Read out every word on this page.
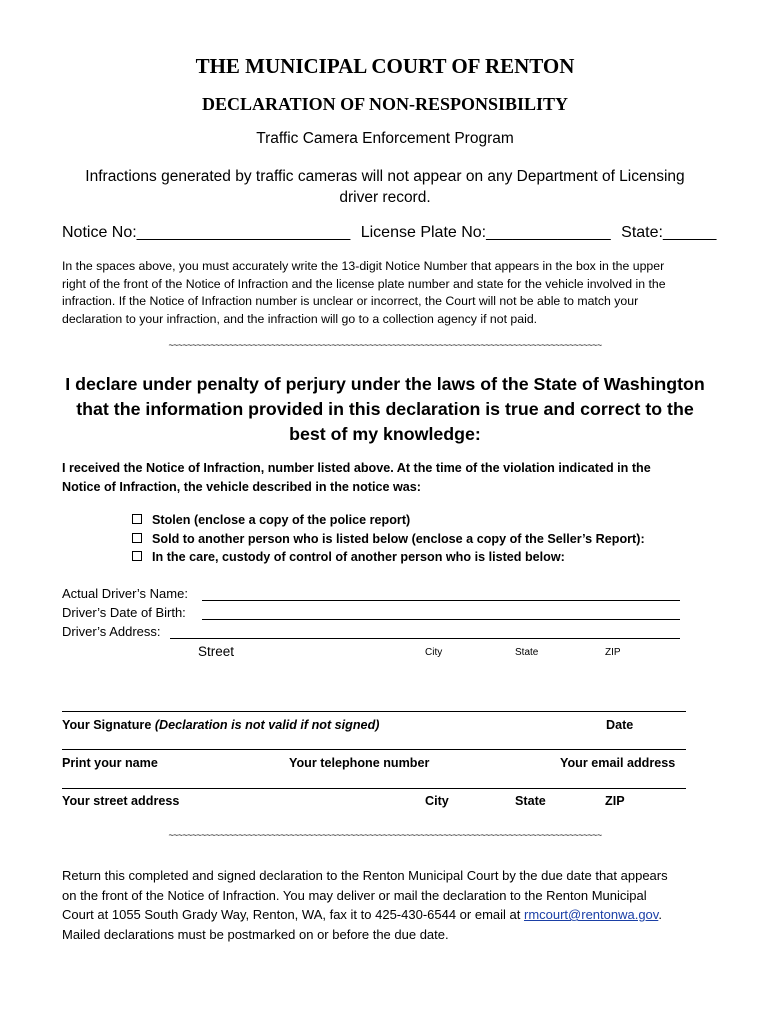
THE MUNICIPAL COURT OF RENTON
DECLARATION OF NON-RESPONSIBILITY
Traffic Camera Enforcement Program
Infractions generated by traffic cameras will not appear on any Department of Licensing
driver record.
Notice No:________________________ License Plate No:______________ State:______
In the spaces above, you must accurately write the 13-digit Notice Number that appears in the box in the upper
right of the front of the Notice of Infraction and the license plate number and state for the vehicle involved in the
infraction. If the Notice of Infraction number is unclear or incorrect, the Court will not be able to match your
declaration to your infraction, and the infraction will go to a collection agency if not paid.
~~~~~~~~~~~~~~~~~~~~~~~~~~~~~~~~~~~~~~~~~~~~~~~~~~~~~~~~~~~~~~~~~~~~~~~~~~~~~~~~~~~~~~~~~~~~~
I declare under penalty of perjury under the laws of the State of Washington
that the information provided in this declaration is true and correct to the
best of my knowledge:
I received the Notice of Infraction, number listed above. At the time of the violation indicated in the
Notice of Infraction, the vehicle described in the notice was:
Stolen (enclose a copy of the police report)
Sold to another person who is listed below (enclose a copy of the Seller’s Report):
In the care, custody of control of another person who is listed below:
Actual Driver’s Name:
Driver’s Date of Birth:
Driver’s Address:
Street	City	State	ZIP
Your Signature (Declaration is not valid if not signed)	Date
Print your name	Your telephone number	Your email address
Your street address	City	State	ZIP
~~~~~~~~~~~~~~~~~~~~~~~~~~~~~~~~~~~~~~~~~~~~~~~~~~~~~~~~~~~~~~~~~~~~~~~~~~~~~~~~~~~~~~~~~~~~~
Return this completed and signed declaration to the Renton Municipal Court by the due date that appears
on the front of the Notice of Infraction. You may deliver or mail the declaration to the Renton Municipal
Court at 1055 South Grady Way, Renton, WA, fax it to 425-430-6544 or email at rmcourt@rentonwa.gov.
Mailed declarations must be postmarked on or before the due date.
